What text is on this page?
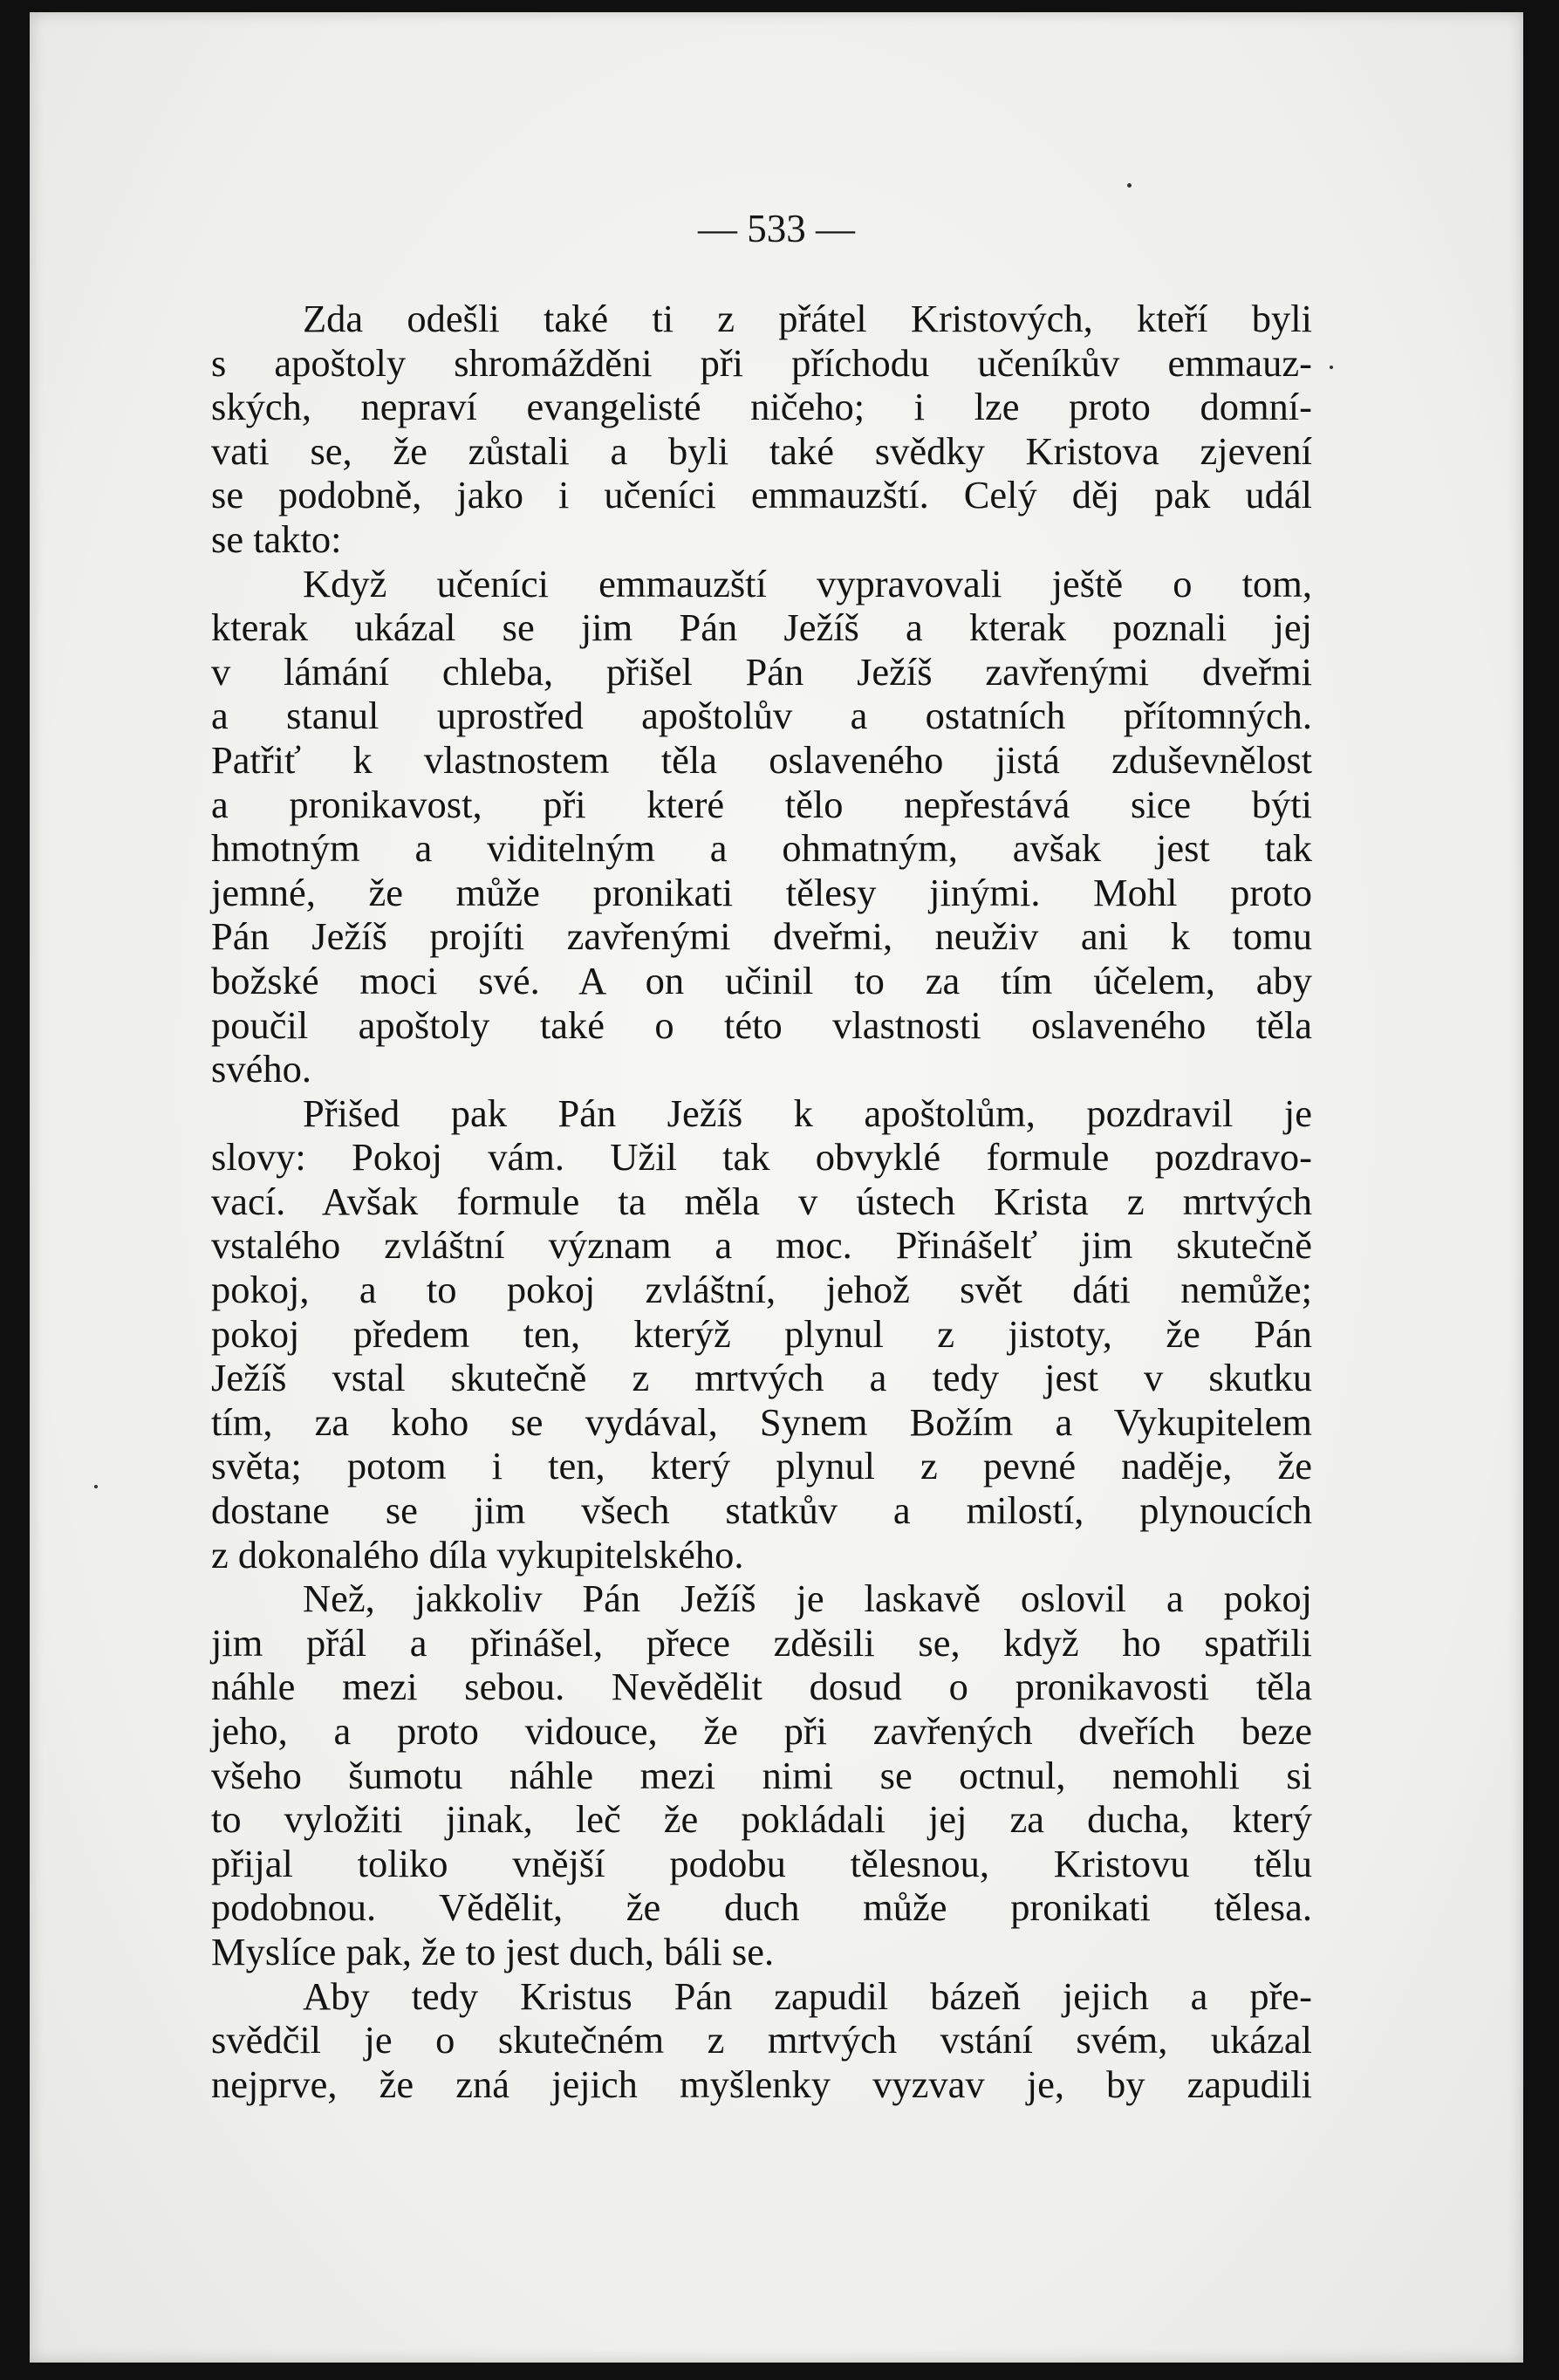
— 533 —
Zda odešli také ti z přátel Kristových, kteří byli
s apoštoly shromážděni při příchodu učeníkův emmauz-
ských, nepraví evangelisté ničeho; i lze proto domní-
vati se, že zůstali a byli také svědky Kristova zjevení
se podobně, jako i učeníci emmauzští. Celý děj pak udál
se takto:
Když učeníci emmauzští vypravovali ještě o tom,
kterak ukázal se jim Pán Ježíš a kterak poznali jej
v lámání chleba, přišel Pán Ježíš zavřenými dveřmi
a stanul uprostřed apoštolův a ostatních přítomných.
Patřiť k vlastnostem těla oslaveného jistá zduševnělost
a pronikavost, při které tělo nepřestává sice býti
hmotným a viditelným a ohmatným, avšak jest tak
jemné, že může pronikati tělesy jinými. Mohl proto
Pán Ježíš projíti zavřenými dveřmi, neuživ ani k tomu
božské moci své. A on učinil to za tím účelem, aby
poučil apoštoly také o této vlastnosti oslaveného těla
svého.
Přišed pak Pán Ježíš k apoštolům, pozdravil je
slovy: Pokoj vám. Užil tak obvyklé formule pozdravo-
vací. Avšak formule ta měla v ústech Krista z mrtvých
vstalého zvláštní význam a moc. Přinášelť jim skutečně
pokoj, a to pokoj zvláštní, jehož svět dáti nemůže;
pokoj předem ten, kterýž plynul z jistoty, že Pán
Ježíš vstal skutečně z mrtvých a tedy jest v skutku
tím, za koho se vydával, Synem Božím a Vykupitelem
světa; potom i ten, který plynul z pevné naděje, že
dostane se jim všech statkův a milostí, plynoucích
z dokonalého díla vykupitelského.
Než, jakkoliv Pán Ježíš je laskavě oslovil a pokoj
jim přál a přinášel, přece zděsili se, když ho spatřili
náhle mezi sebou. Nevědělit dosud o pronikavosti těla
jeho, a proto vidouce, že při zavřených dveřích beze
všeho šumotu náhle mezi nimi se octnul, nemohli si
to vyložiti jinak, leč že pokládali jej za ducha, který
přijal toliko vnější podobu tělesnou, Kristovu tělu
podobnou. Vědělit, že duch může pronikati tělesa.
Myslíce pak, že to jest duch, báli se.
Aby tedy Kristus Pán zapudil bázeň jejich a pře-
svědčil je o skutečném z mrtvých vstání svém, ukázal
nejprve, že zná jejich myšlenky vyzvav je, by zapudili
